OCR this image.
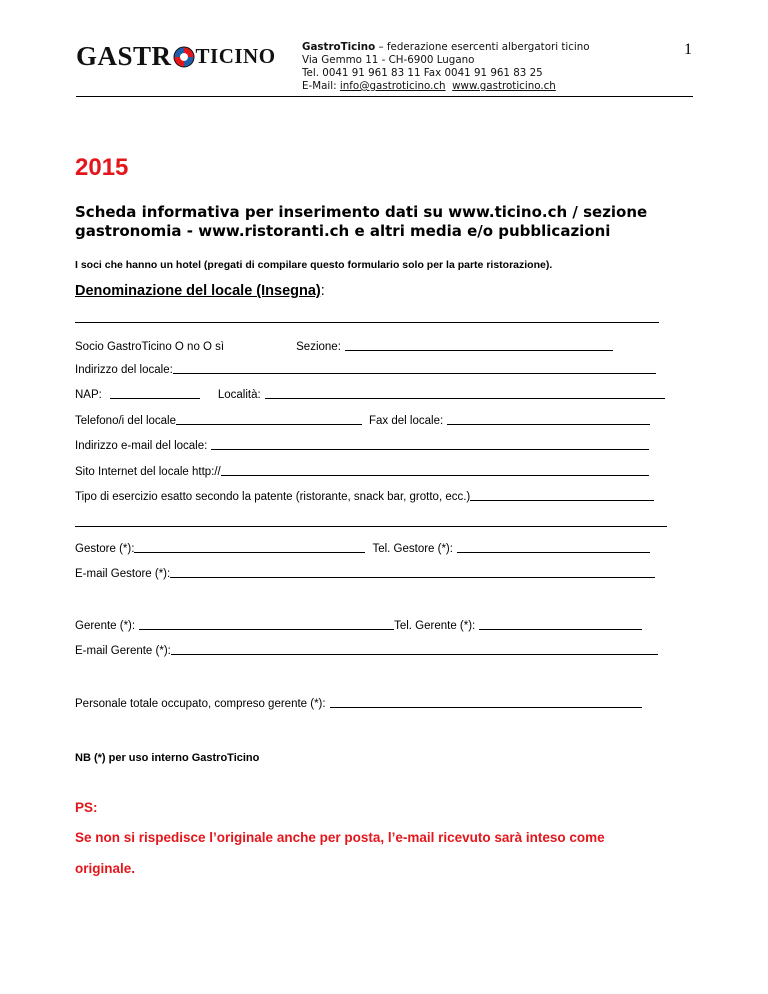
GASTR TICINO	GastroTicino – federazione esercenti albergatori ticino
Via Gemmo 11 - CH-6900 Lugano
Tel. 0041 91 961 83 11 Fax 0041 91 961 83 25
E-Mail: info@gastroticino.ch www.gastroticino.ch
1
2015
Scheda informativa per inserimento dati su www.ticino.ch / sezione gastronomia - www.ristoranti.ch e altri media e/o pubblicazioni
I soci che hanno un hotel (pregati di compilare questo formulario solo per la parte ristorazione).
Denominazione del locale (Insegna):
Socio GastroTicino O no O sì	Sezione:
Indirizzo del locale:
NAP:	Località:
Telefono/i del locale	Fax del locale:
Indirizzo e-mail del locale:
Sito Internet del locale http://
Tipo di esercizio esatto secondo la patente (ristorante, snack bar, grotto, ecc.)
Gestore (*):	Tel. Gestore (*):
E-mail Gestore (*):
Gerente (*):	Tel. Gerente (*):
E-mail Gerente (*):
Personale totale occupato, compreso gerente (*):
NB (*) per uso interno GastroTicino
PS:
Se non si rispedisce l’originale anche per posta, l’e-mail ricevuto sarà inteso come
originale.
